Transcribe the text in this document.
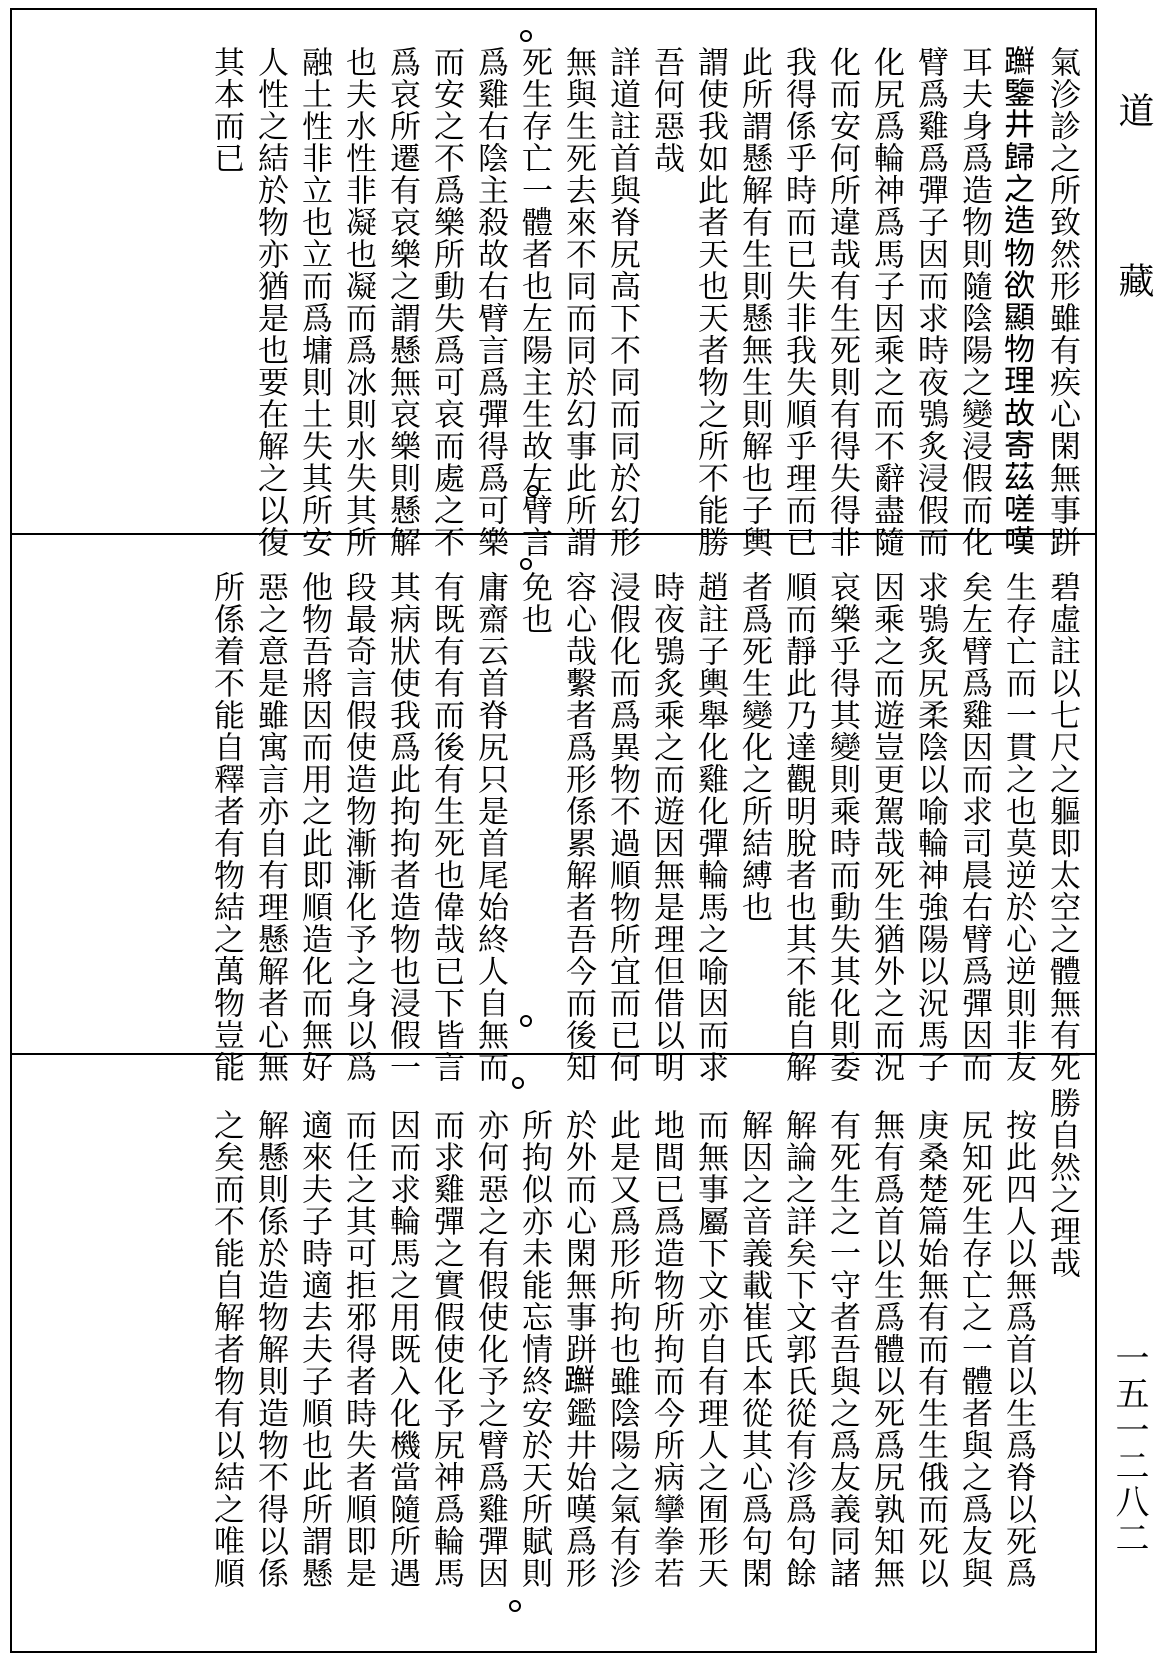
道
藏
一五一二八二
氣沴診之所致然形雖有疾心閑無事跰
𨇤鑒井歸之造物欲顯物理故寄茲嗟嘆
耳夫身爲造物則隨陰陽之變浸假而化
臂爲雞爲彈子因而求時夜鴞炙浸假而
化尻爲輪神爲馬子因乘之而不辭盡隨
化而安何所違哉有生死則有得失得非
我得係乎時而已失非我失順乎理而已
此所謂懸解有生則懸無生則解也子輿
謂使我如此者天也天者物之所不能勝
吾何惡哉
詳道註首與脊尻高下不同而同於幻形
無與生死去來不同而同於幻事此所謂
死生存亡一體者也左陽主生故左臂言
爲雞右陰主殺故右臂言爲彈得爲可樂
而安之不爲樂所動失爲可哀而處之不
爲哀所遷有哀樂之謂懸無哀樂則懸解
也夫水性非凝也凝而爲冰則水失其所
融土性非立也立而爲墉則土失其所安
人性之結於物亦猶是也要在解之以復
其本而已
碧虛註以七尺之軀即太空之體無有死
生存亡而一貫之也莫逆於心逆則非友
矣左臂爲雞因而求司晨右臂爲彈因而
求鴞炙尻柔陰以喻輪神強陽以況馬子
因乘之而遊豈更駕哉死生猶外之而況
哀樂乎得其變則乘時而動失其化則委
順而靜此乃達觀明脫者也其不能自解
者爲死生變化之所結縛也
趙註子輿舉化雞化彈輪馬之喻因而求
時夜鴞炙乘之而遊因無是理但借以明
浸假化而爲異物不過順物所宜而已何
容心哉繫者爲形係累解者吾今而後知
免也
庸齋云首脊尻只是首尾始終人自無而
有既有有而後有生死也偉哉已下皆言
其病狀使我爲此拘拘者造物也浸假一
段最奇言假使造物漸漸化予之身以爲
他物吾將因而用之此即順造化而無好
惡之意是雖寓言亦自有理懸解者心無
所係着不能自釋者有物結之萬物豈能
勝自然之理哉
按此四人以無爲首以生爲脊以死爲
尻知死生存亡之一體者與之爲友與
庚桑楚篇始無有而有生生俄而死以
無有爲首以生爲體以死爲尻孰知無
有死生之一守者吾與之爲友義同諸
解論之詳矣下文郭氏從有沴爲句餘
解因之音義載崔氏本從其心爲句閑
而無事屬下文亦自有理人之囿形天
地間已爲造物所拘而今所病攣拳若
此是又爲形所拘也雖陰陽之氣有沴
於外而心閑無事跰𨇤鑑井始嘆爲形
所拘似亦未能忘情終安於天所賦則
亦何惡之有假使化予之臂爲雞彈因
而求雞彈之實假使化予尻神爲輪馬
因而求輪馬之用既入化機當隨所遇
而任之其可拒邪得者時失者順即是
適來夫子時適去夫子順也此所謂懸
解懸則係於造物解則造物不得以係
之矣而不能自解者物有以結之唯順
